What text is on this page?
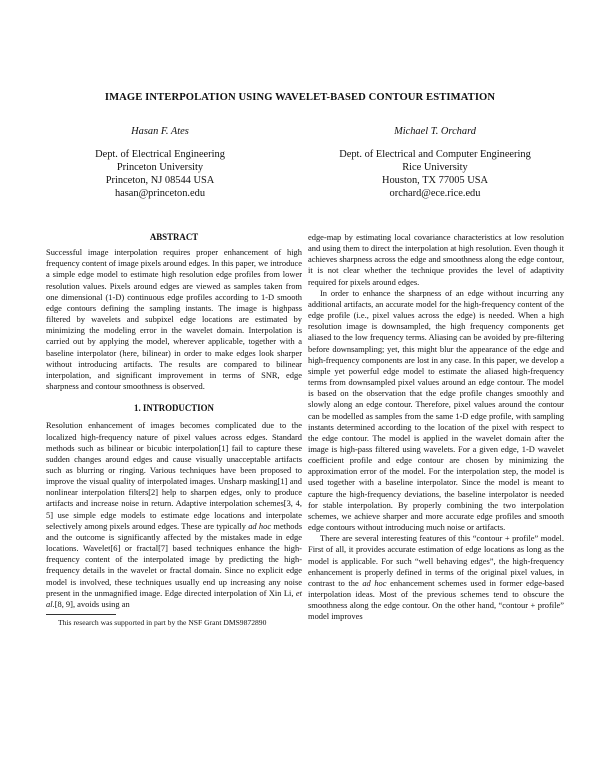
IMAGE INTERPOLATION USING WAVELET-BASED CONTOUR ESTIMATION
Hasan F. Ates
Dept. of Electrical Engineering
Princeton University
Princeton, NJ 08544 USA
hasan@princeton.edu
Michael T. Orchard
Dept. of Electrical and Computer Engineering
Rice University
Houston, TX 77005 USA
orchard@ece.rice.edu
ABSTRACT

Successful image interpolation requires proper enhancement of high frequency content of image pixels around edges. In this paper, we introduce a simple edge model to estimate high resolution edge profiles from lower resolution values. Pixels around edges are viewed as samples taken from one dimensional (1-D) continuous edge profiles according to 1-D smooth edge contours defining the sampling instants. The image is highpass filtered by wavelets and subpixel edge locations are estimated by minimizing the modeling error in the wavelet domain. Interpolation is carried out by applying the model, wherever applicable, together with a baseline interpolator (here, bilinear) in order to make edges look sharper without introducing artifacts. The results are compared to bilinear interpolation, and significant improvement in terms of SNR, edge sharpness and contour smoothness is observed.

1. INTRODUCTION

Resolution enhancement of images becomes complicated due to the localized high-frequency nature of pixel values across edges. Standard methods such as bilinear or bicubic interpolation[1] fail to capture these sudden changes around edges and cause visually unacceptable artifacts such as blurring or ringing. Various techniques have been proposed to improve the visual quality of interpolated images. Unsharp masking[1] and nonlinear interpolation filters[2] help to sharpen edges, only to produce artifacts and increase noise in return. Adaptive interpolation schemes[3, 4, 5] use simple edge models to estimate edge locations and interpolate selectively among pixels around edges. These are typically ad hoc methods and the outcome is significantly affected by the mistakes made in edge locations. Wavelet[6] or fractal[7] based techniques enhance the high-frequency content of the interpolated image by predicting the high-frequency details in the wavelet or fractal domain. Since no explicit edge model is involved, these techniques usually end up increasing any noise present in the unmagnified image. Edge directed interpolation of Xin Li, et al.[8, 9], avoids using an

This research was supported in part by the NSF Grant DMS9872890

edge-map by estimating local covariance characteristics at low resolution and using them to direct the interpolation at high resolution. Even though it achieves sharpness across the edge and smoothness along the edge contour, it is not clear whether the technique provides the level of adaptivity required for pixels around edges.

In order to enhance the sharpness of an edge without incurring any additional artifacts, an accurate model for the high-frequency content of the edge profile (i.e., pixel values across the edge) is needed. When a high resolution image is downsampled, the high frequency components get aliased to the low frequency terms. Aliasing can be avoided by pre-filtering before downsampling; yet, this might blur the appearance of the edge and high-frequency components are lost in any case. In this paper, we develop a simple yet powerful edge model to estimate the aliased high-frequency terms from downsampled pixel values around an edge contour. The model is based on the observation that the edge profile changes smoothly and slowly along an edge contour. Therefore, pixel values around the contour can be modelled as samples from the same 1-D edge profile, with sampling instants determined according to the location of the pixel with respect to the edge contour. The model is applied in the wavelet domain after the image is high-pass filtered using wavelets. For a given edge, 1-D wavelet coefficient profile and edge contour are chosen by minimizing the approximation error of the model. For the interpolation step, the model is used together with a baseline interpolator. Since the model is meant to capture the high-frequency deviations, the baseline interpolator is needed for stable interpolation. By properly combining the two interpolation schemes, we achieve sharper and more accurate edge profiles and smooth edge contours without introducing much noise or artifacts.

There are several interesting features of this “contour + profile” model. First of all, it provides accurate estimation of edge locations as long as the model is applicable. For such “well behaving edges”, the high-frequency enhancement is properly defined in terms of the original pixel values, in contrast to the ad hoc enhancement schemes used in former edge-based interpolation ideas. Most of the previous schemes tend to obscure the smoothness along the edge contour. On the other hand, “contour + profile” model improves
